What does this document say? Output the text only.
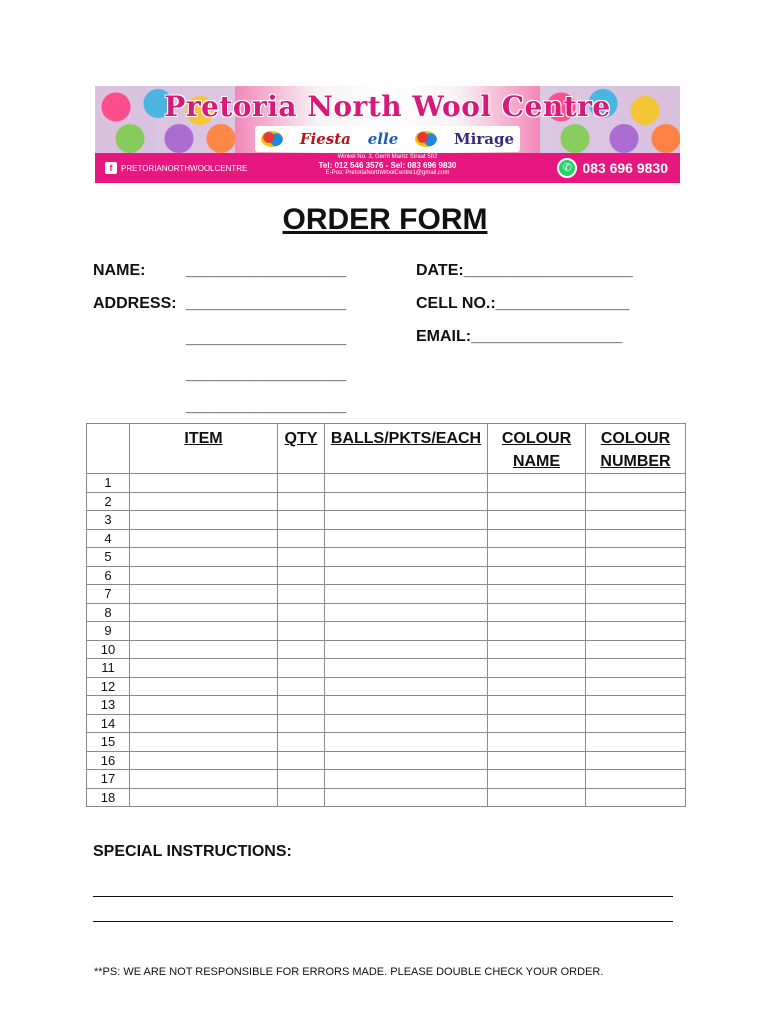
Pretoria North Wool Centre
Fiesta elle	Mirage
f	PRETORIANORTHWOOLCENTRE
Winkel No. 3, Gerrit Maritz Straat 582
Tel: 012 546 3576 - Sel: 083 696 9830
E-Pos: PretoriaNorthWoolCentre1@gmail.com	✆ 083 696 9830
ORDER FORM
NAME:	__________________
ADDRESS: __________________
__________________
__________________
__________________
DATE:___________________
CELL NO.:_______________
EMAIL:_________________
	ITEM	QTY	BALLS/PKTS/EACH	COLOUR NAME	COLOUR NUMBER
1					
2					
3					
4					
5					
6					
7					
8					
9					
10					
11					
12					
13					
14					
15					
16					
17					
18					
SPECIAL INSTRUCTIONS:
**PS: WE ARE NOT RESPONSIBLE FOR ERRORS MADE. PLEASE DOUBLE CHECK YOUR ORDER.
